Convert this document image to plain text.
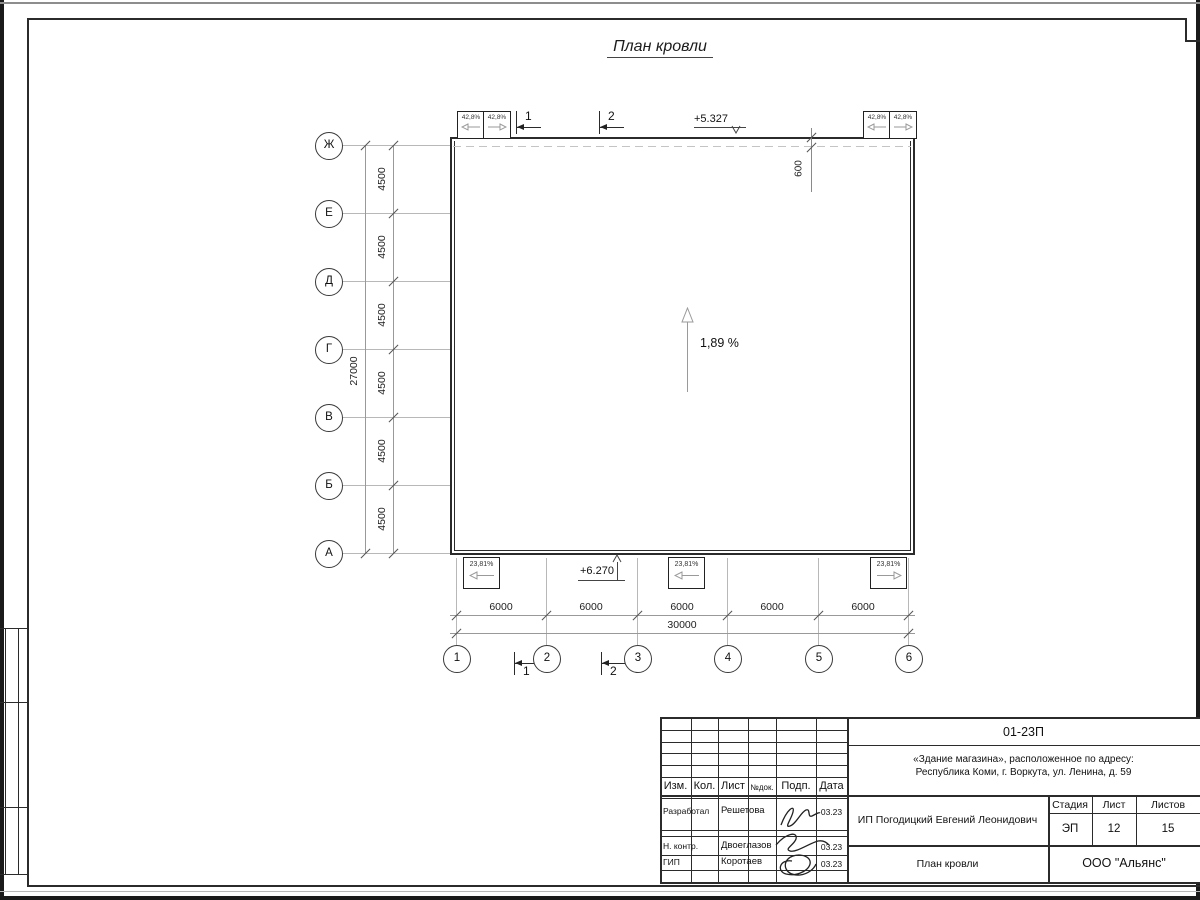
План кровли
42,8%	42,8%	42,8%	42,8%
23,81%	23,81%	23,81%
1,89 %
+5.327
+6.270
600
1	2
1	2
4500
4500
4500
4500
4500
4500
27000
Ж
Е
Д
Г
В
Б
А
6000	6000	6000	6000	6000
30000
1	2	3	4	5	6
Изм. Кол. Лист №док. Подп. Дата
Разработал	Решетова	03.23
Н. контр.	Двоеглазов	03.23
ГИП	Коротаев	03.23
01-23П
«Здание магазина», расположенное по адресу:
Республика Коми, г. Воркута, ул. Ленина, д. 59
ИП Погодицкий Евгений Леонидович
Стадия	Лист	Листов
ЭП	12	15
План кровли	ООО "Альянс"
